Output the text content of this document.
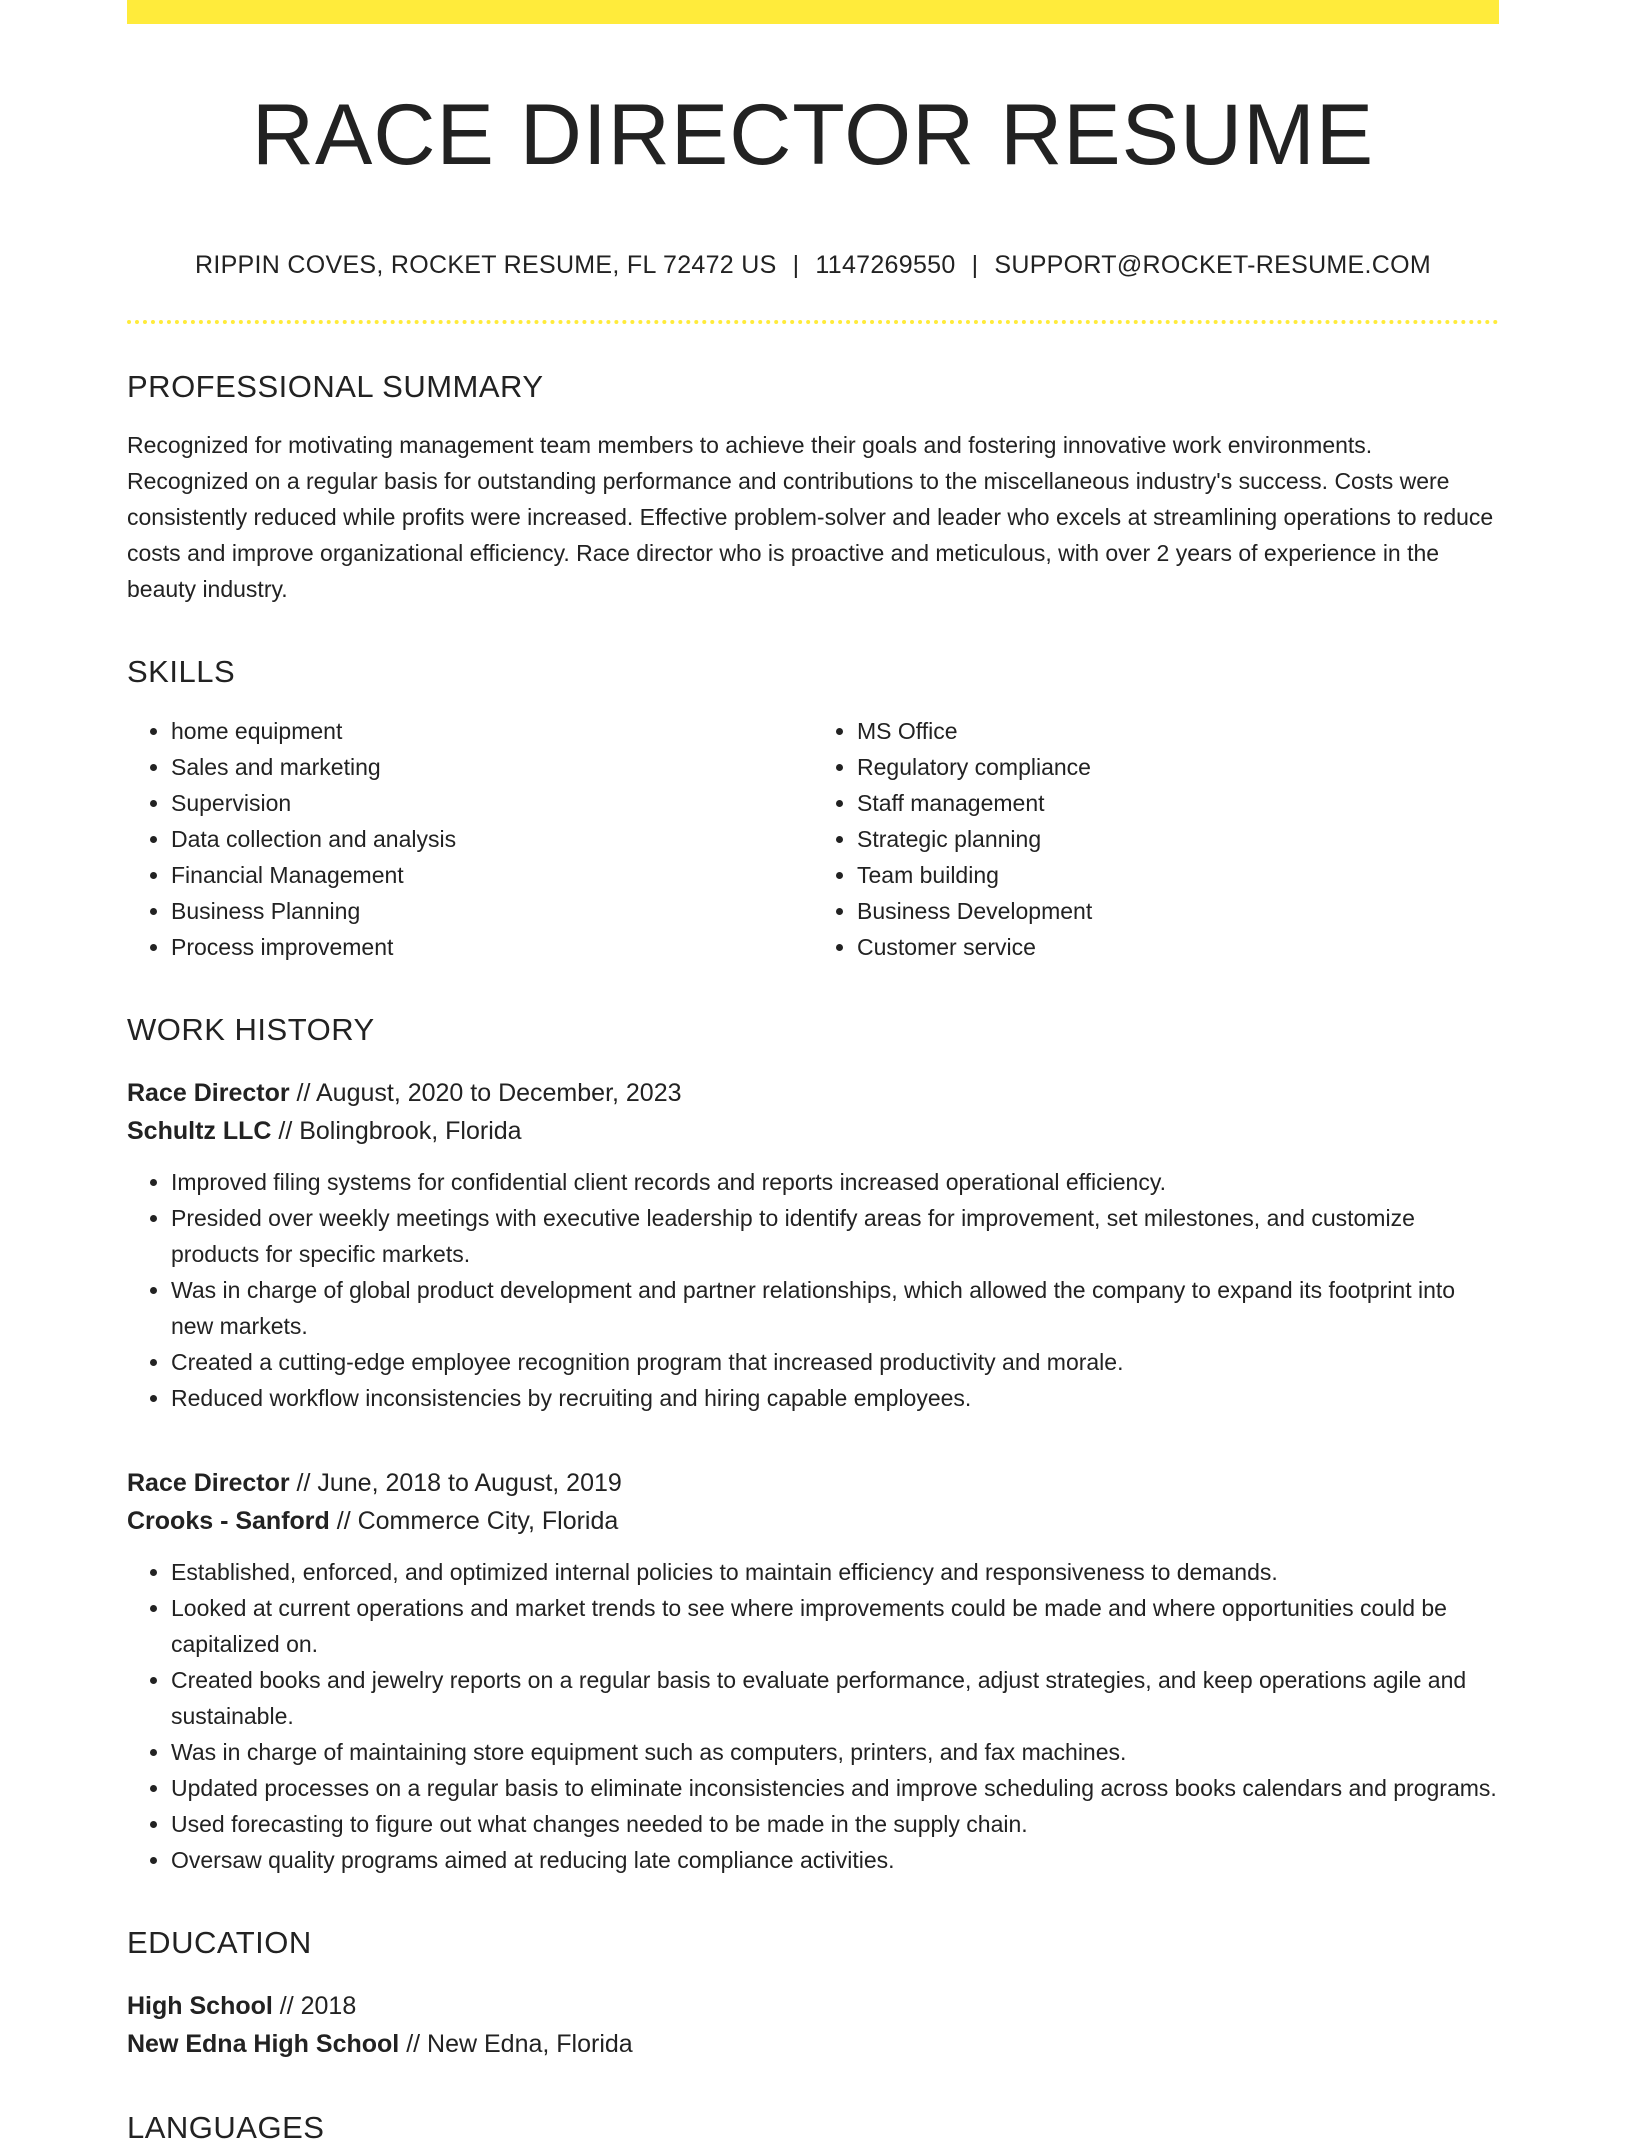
RACE DIRECTOR RESUME
RIPPIN COVES, ROCKET RESUME, FL 72472 US | 1147269550 | SUPPORT@ROCKET-RESUME.COM
PROFESSIONAL SUMMARY

Recognized for motivating management team members to achieve their goals and fostering innovative work environments. Recognized on a regular basis for outstanding performance and contributions to the miscellaneous industry's success. Costs were consistently reduced while profits were increased. Effective problem-solver and leader who excels at streamlining operations to reduce costs and improve organizational efficiency. Race director who is proactive and meticulous, with over 2 years of experience in the beauty industry.

SKILLS
• home equipment
• Sales and marketing
• Supervision
• Data collection and analysis
• Financial Management
• Business Planning
• Process improvement
• MS Office
• Regulatory compliance
• Staff management
• Strategic planning
• Team building
• Business Development
• Customer service
WORK HISTORY
Race Director // August, 2020 to December, 2023
Schultz LLC // Bolingbrook, Florida
• Improved filing systems for confidential client records and reports increased operational efficiency.
• Presided over weekly meetings with executive leadership to identify areas for improvement, set milestones, and customize products for specific markets.
• Was in charge of global product development and partner relationships, which allowed the company to expand its footprint into new markets.
• Created a cutting-edge employee recognition program that increased productivity and morale.
• Reduced workflow inconsistencies by recruiting and hiring capable employees.
Race Director // June, 2018 to August, 2019
Crooks - Sanford // Commerce City, Florida
• Established, enforced, and optimized internal policies to maintain efficiency and responsiveness to demands.
• Looked at current operations and market trends to see where improvements could be made and where opportunities could be capitalized on.
• Created books and jewelry reports on a regular basis to evaluate performance, adjust strategies, and keep operations agile and sustainable.
• Was in charge of maintaining store equipment such as computers, printers, and fax machines.
• Updated processes on a regular basis to eliminate inconsistencies and improve scheduling across books calendars and programs.
• Used forecasting to figure out what changes needed to be made in the supply chain.
• Oversaw quality programs aimed at reducing late compliance activities.
EDUCATION
High School // 2018
New Edna High School // New Edna, Florida
LANGUAGES
